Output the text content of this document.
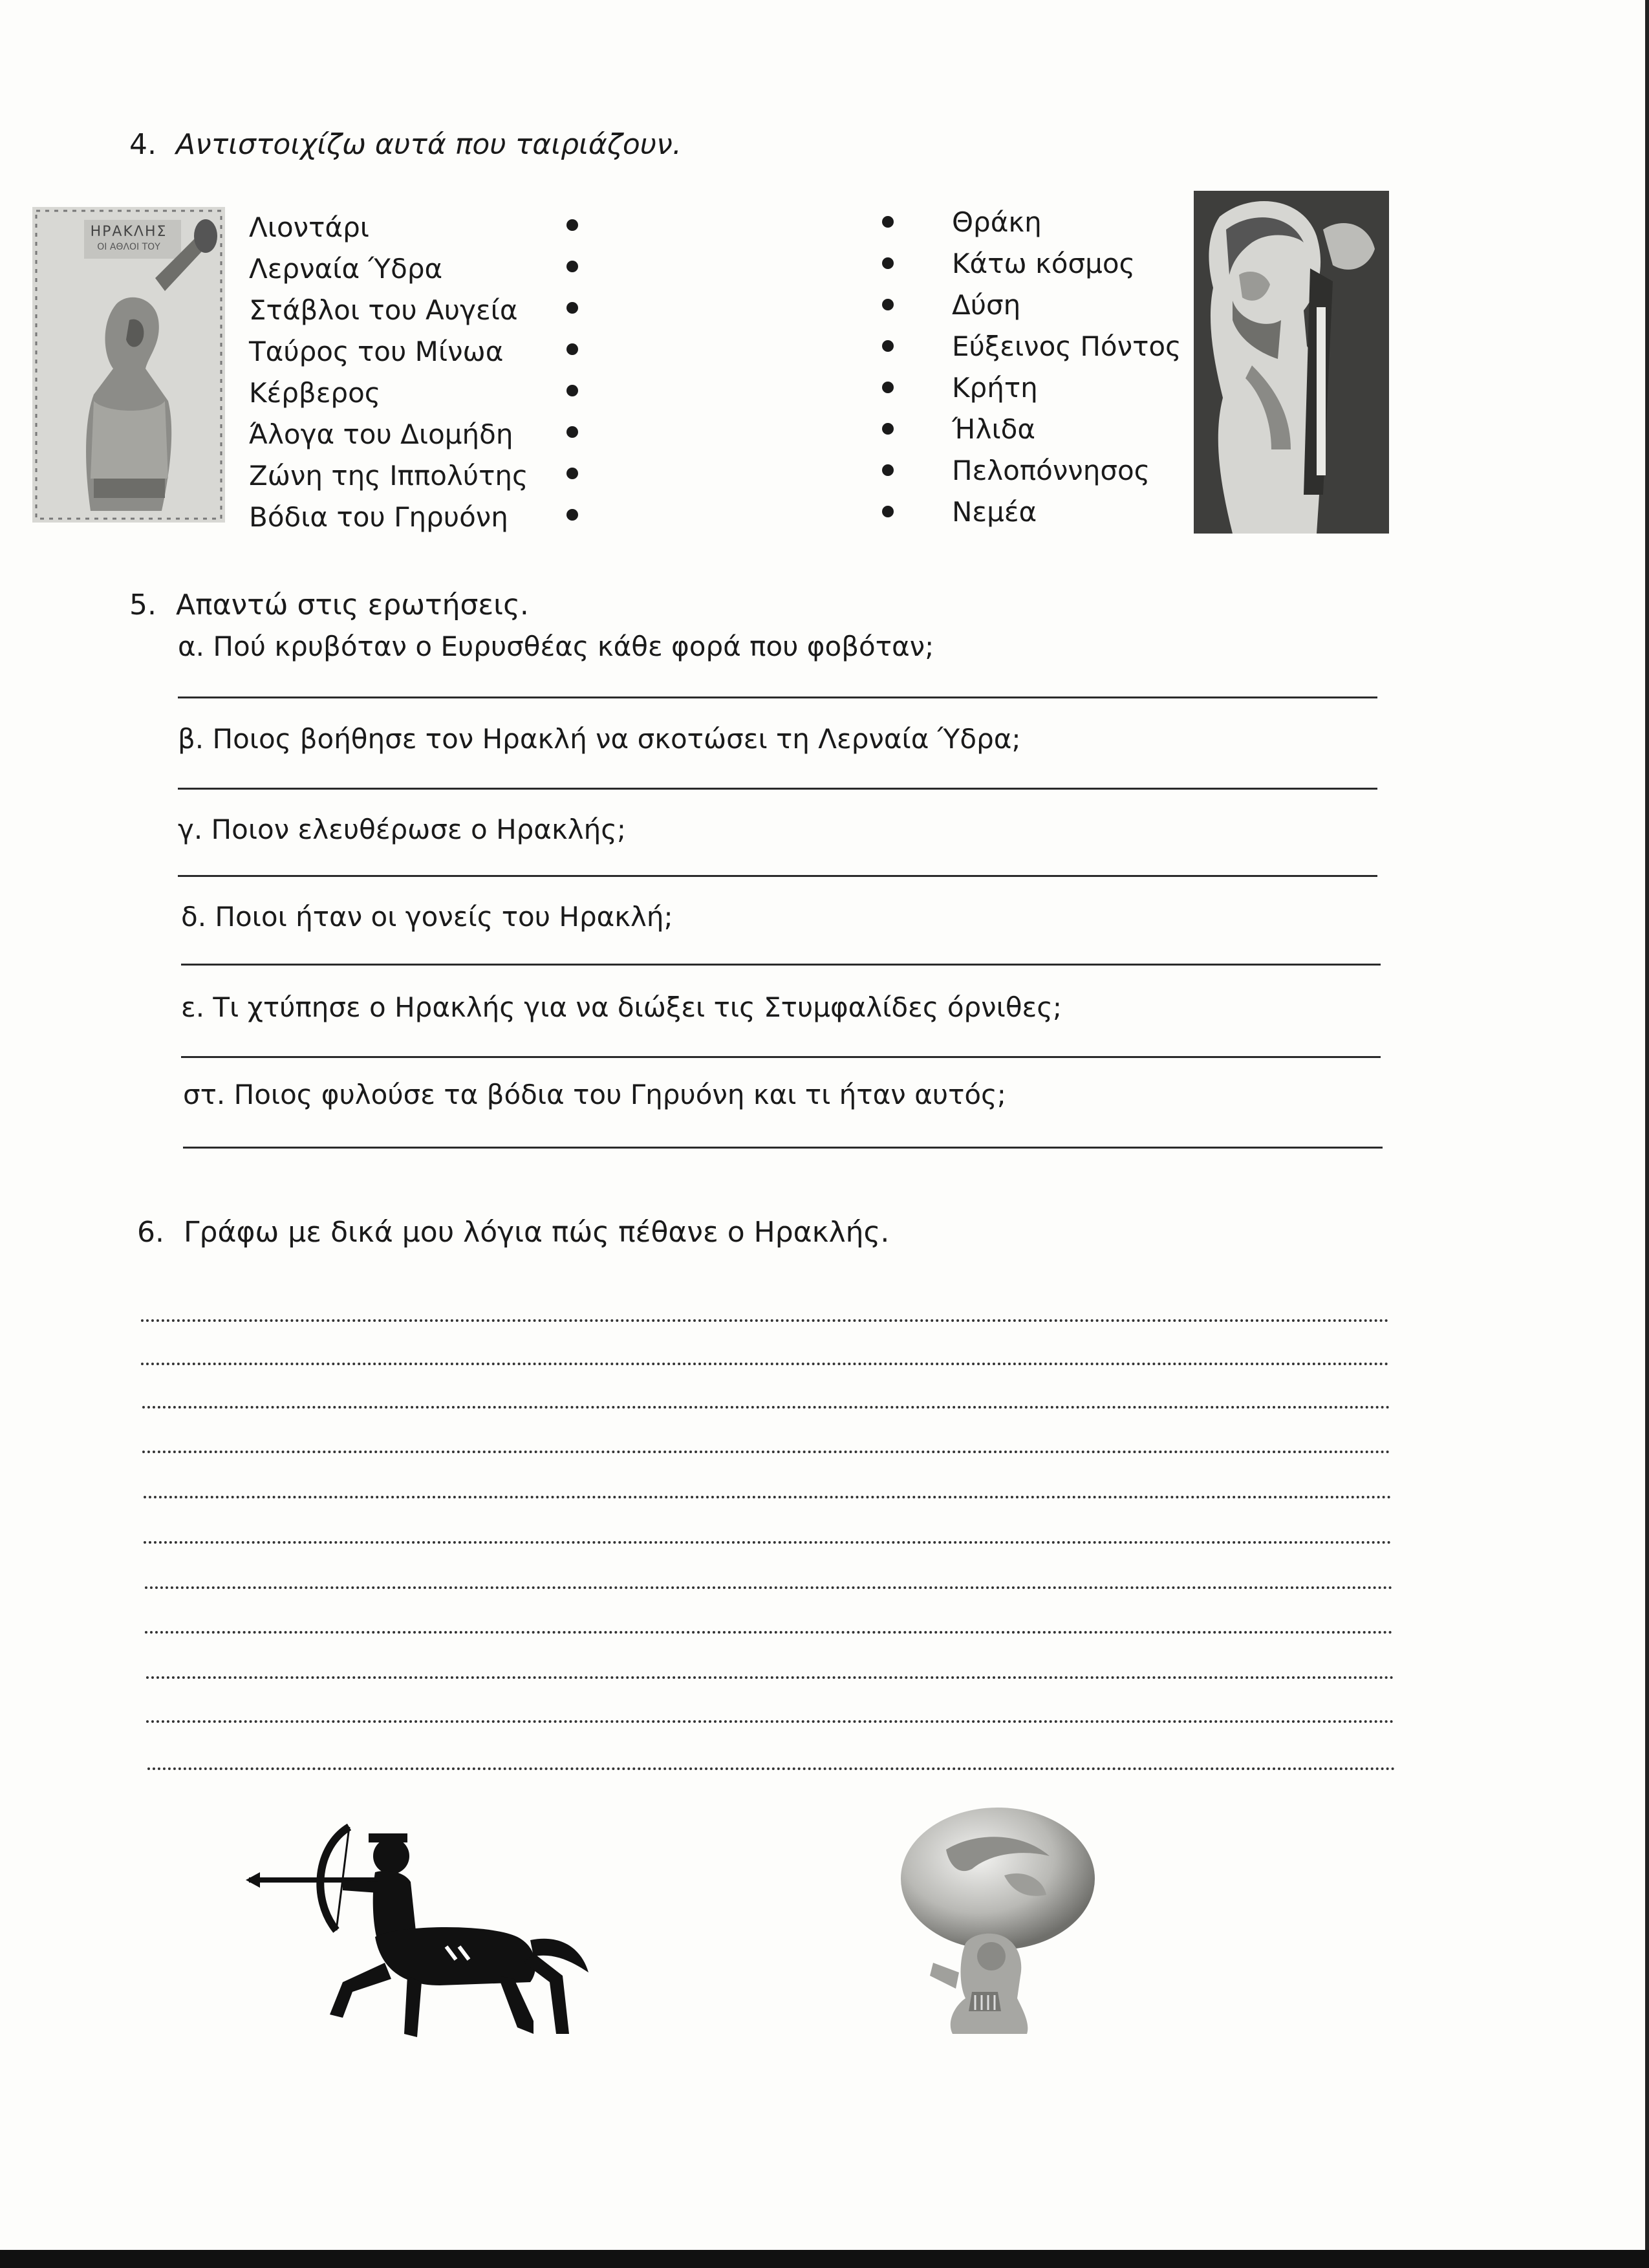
4. Αντιστοιχίζω αυτά που ταιριάζουν.
ΗΡΑΚΛΗΣ
ΟΙ ΑΘΛΟΙ ΤΟΥ
Λιοντάρι
Λερναία Ύδρα
Στάβλοι του Αυγεία
Ταύρος του Μίνωα
Κέρβερος
Άλογα του Διομήδη
Ζώνη της Ιππολύτης
Βόδια του Γηρυόνη
Θράκη
Κάτω κόσμος
Δύση
Εύξεινος Πόντος
Κρήτη
Ήλιδα
Πελοπόννησος
Νεμέα
5. Απαντώ στις ερωτήσεις.
α. Πού κρυβόταν ο Ευρυσθέας κάθε φορά που φοβόταν;
β. Ποιος βοήθησε τον Ηρακλή να σκοτώσει τη Λερναία Ύδρα;
γ. Ποιον ελευθέρωσε ο Ηρακλής;
δ. Ποιοι ήταν οι γονείς του Ηρακλή;
ε. Τι χτύπησε ο Ηρακλής για να διώξει τις Στυμφαλίδες όρνιθες;
στ. Ποιος φυλούσε τα βόδια του Γηρυόνη και τι ήταν αυτός;
6. Γράφω με δικά μου λόγια πώς πέθανε ο Ηρακλής.
